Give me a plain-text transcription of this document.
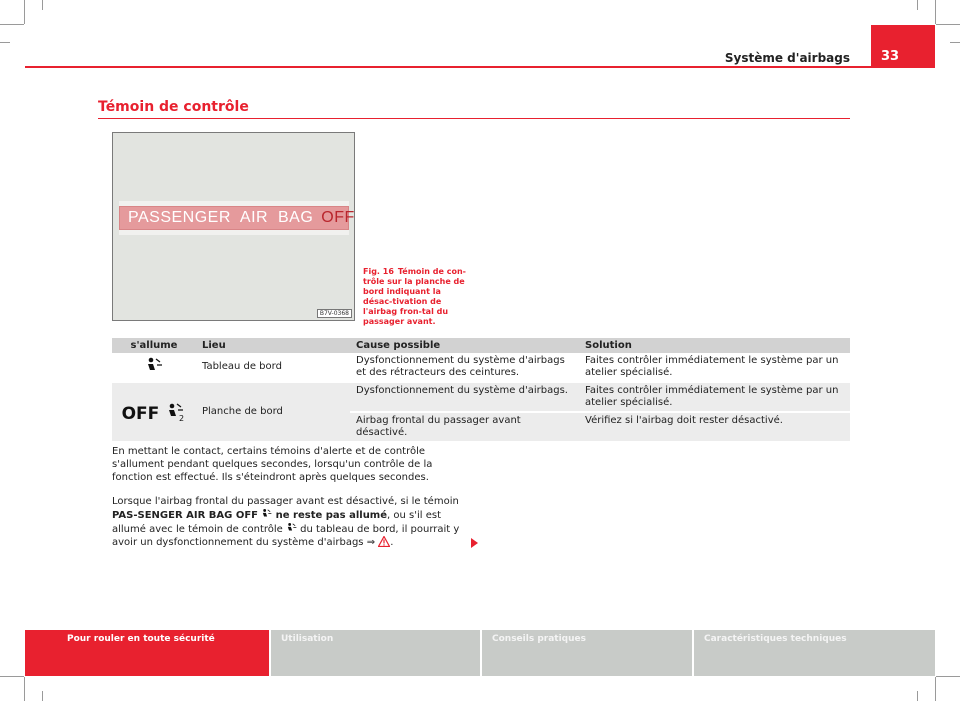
Système d'airbags	33
Témoin de contrôle
PASSENGER  AIR  BAG OFF
B7V-0368
Fig. 16 Témoin de con-trôle sur la planche de bord indiquant la désac-tivation de l'airbag fron-tal du passager avant.
s'allume	Lieu	Cause possible	Solution
	Tableau de bord	Dysfonctionnement du système d'airbags et des rétracteurs des ceintures.	Faites contrôler immédiatement le système par un atelier spécialisé.
OFF 2	Planche de bord	Dysfonctionnement du système d'airbags.	Faites contrôler immédiatement le système par un atelier spécialisé.
		Airbag frontal du passager avant désactivé.	Vérifiez si l'airbag doit rester désactivé.
En mettant le contact, certains témoins d'alerte et de contrôle s'allument pendant quelques secondes, lorsqu'un contrôle de la fonction est effectué. Ils s'éteindront après quelques secondes.
Lorsque l'airbag frontal du passager avant est désactivé, si le témoin PAS-SENGER AIR BAG OFF  ne reste pas allumé, ou s'il est allumé avec le témoin de contrôle  du tableau de bord, il pourrait y avoir un dysfonctionnement du système d'airbags ⇒ .
Pour rouler en toute sécurité	Utilisation	Conseils pratiques	Caractéristiques techniques
